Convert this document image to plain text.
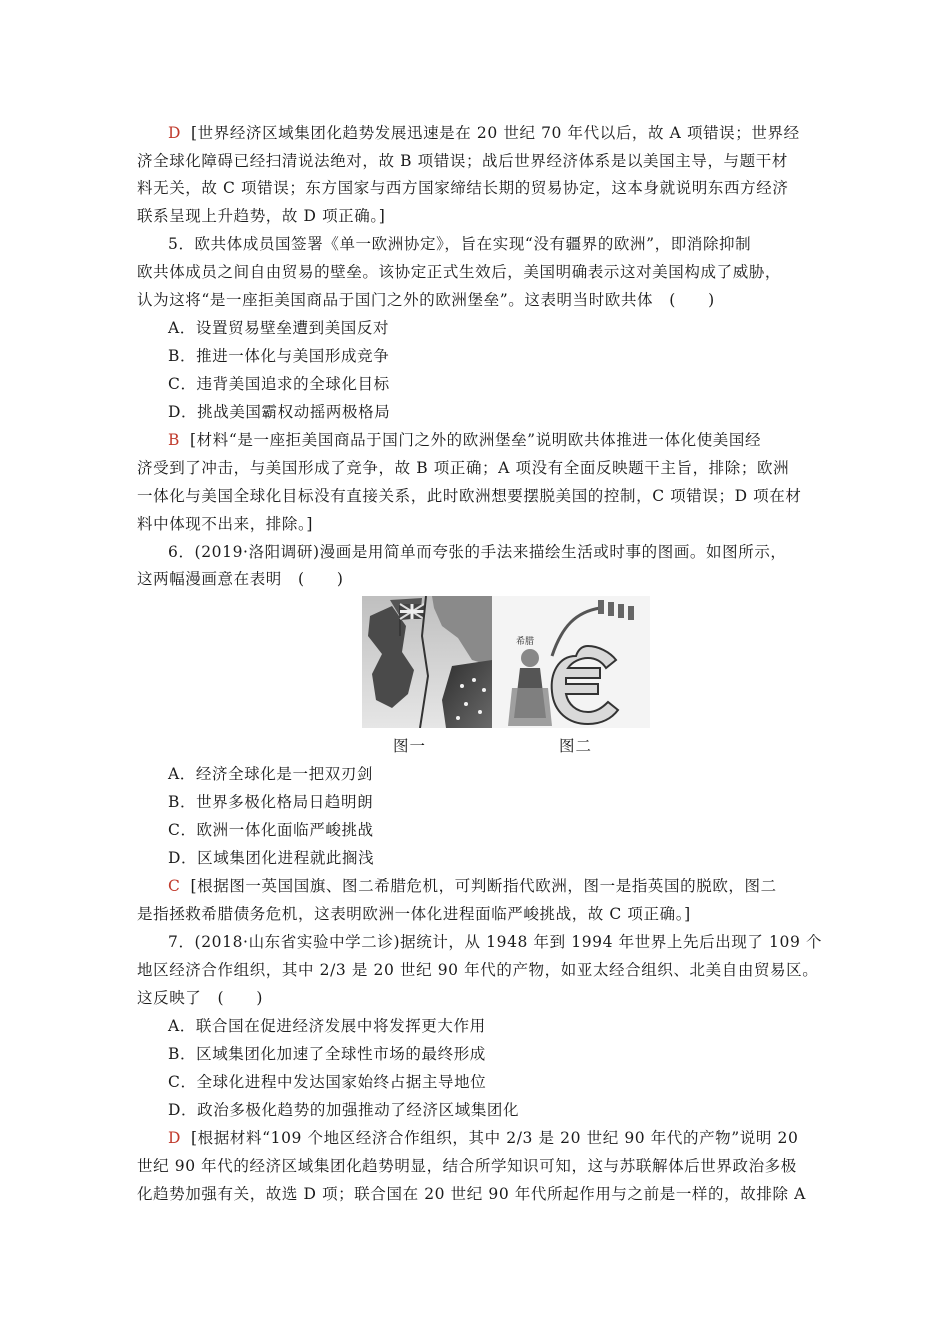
D [世界经济区域集团化趋势发展迅速是在 20 世纪 70 年代以后，故 A 项错误；世界经
济全球化障碍已经扫清说法绝对，故 B 项错误；战后世界经济体系是以美国主导，与题干材
料无关，故 C 项错误；东方国家与西方国家缔结长期的贸易协定，这本身就说明东西方经济
联系呈现上升趋势，故 D 项正确。]
5．欧共体成员国签署《单一欧洲协定》，旨在实现“没有疆界的欧洲”，即消除抑制
欧共体成员之间自由贸易的壁垒。该协定正式生效后，美国明确表示这对美国构成了威胁，
认为这将“是一座拒美国商品于国门之外的欧洲堡垒”。这表明当时欧共体　(　　)
A．设置贸易壁垒遭到美国反对
B．推进一体化与美国形成竞争
C．违背美国追求的全球化目标
D．挑战美国霸权动摇两极格局
B [材料“是一座拒美国商品于国门之外的欧洲堡垒”说明欧共体推进一体化使美国经
济受到了冲击，与美国形成了竞争，故 B 项正确；A 项没有全面反映题干主旨，排除；欧洲
一体化与美国全球化目标没有直接关系，此时欧洲想要摆脱美国的控制，C 项错误；D 项在材
料中体现不出来，排除。]
6．(2019·洛阳调研)漫画是用简单而夸张的手法来描绘生活或时事的图画。如图所示，
这两幅漫画意在表明　(　　)
希腊
图一	图二
A．经济全球化是一把双刃剑
B．世界多极化格局日趋明朗
C．欧洲一体化面临严峻挑战
D．区域集团化进程就此搁浅
C [根据图一英国国旗、图二希腊危机，可判断指代欧洲，图一是指英国的脱欧，图二
是指拯救希腊债务危机，这表明欧洲一体化进程面临严峻挑战，故 C 项正确。]
7．(2018·山东省实验中学二诊)据统计，从 1948 年到 1994 年世界上先后出现了 109 个
地区经济合作组织，其中 2/3 是 20 世纪 90 年代的产物，如亚太经合组织、北美自由贸易区。
这反映了　(　　)
A．联合国在促进经济发展中将发挥更大作用
B．区域集团化加速了全球性市场的最终形成
C．全球化进程中发达国家始终占据主导地位
D．政治多极化趋势的加强推动了经济区域集团化
D [根据材料“109 个地区经济合作组织，其中 2/3 是 20 世纪 90 年代的产物”说明 20
世纪 90 年代的经济区域集团化趋势明显，结合所学知识可知，这与苏联解体后世界政治多极
化趋势加强有关，故选 D 项；联合国在 20 世纪 90 年代所起作用与之前是一样的，故排除 A
